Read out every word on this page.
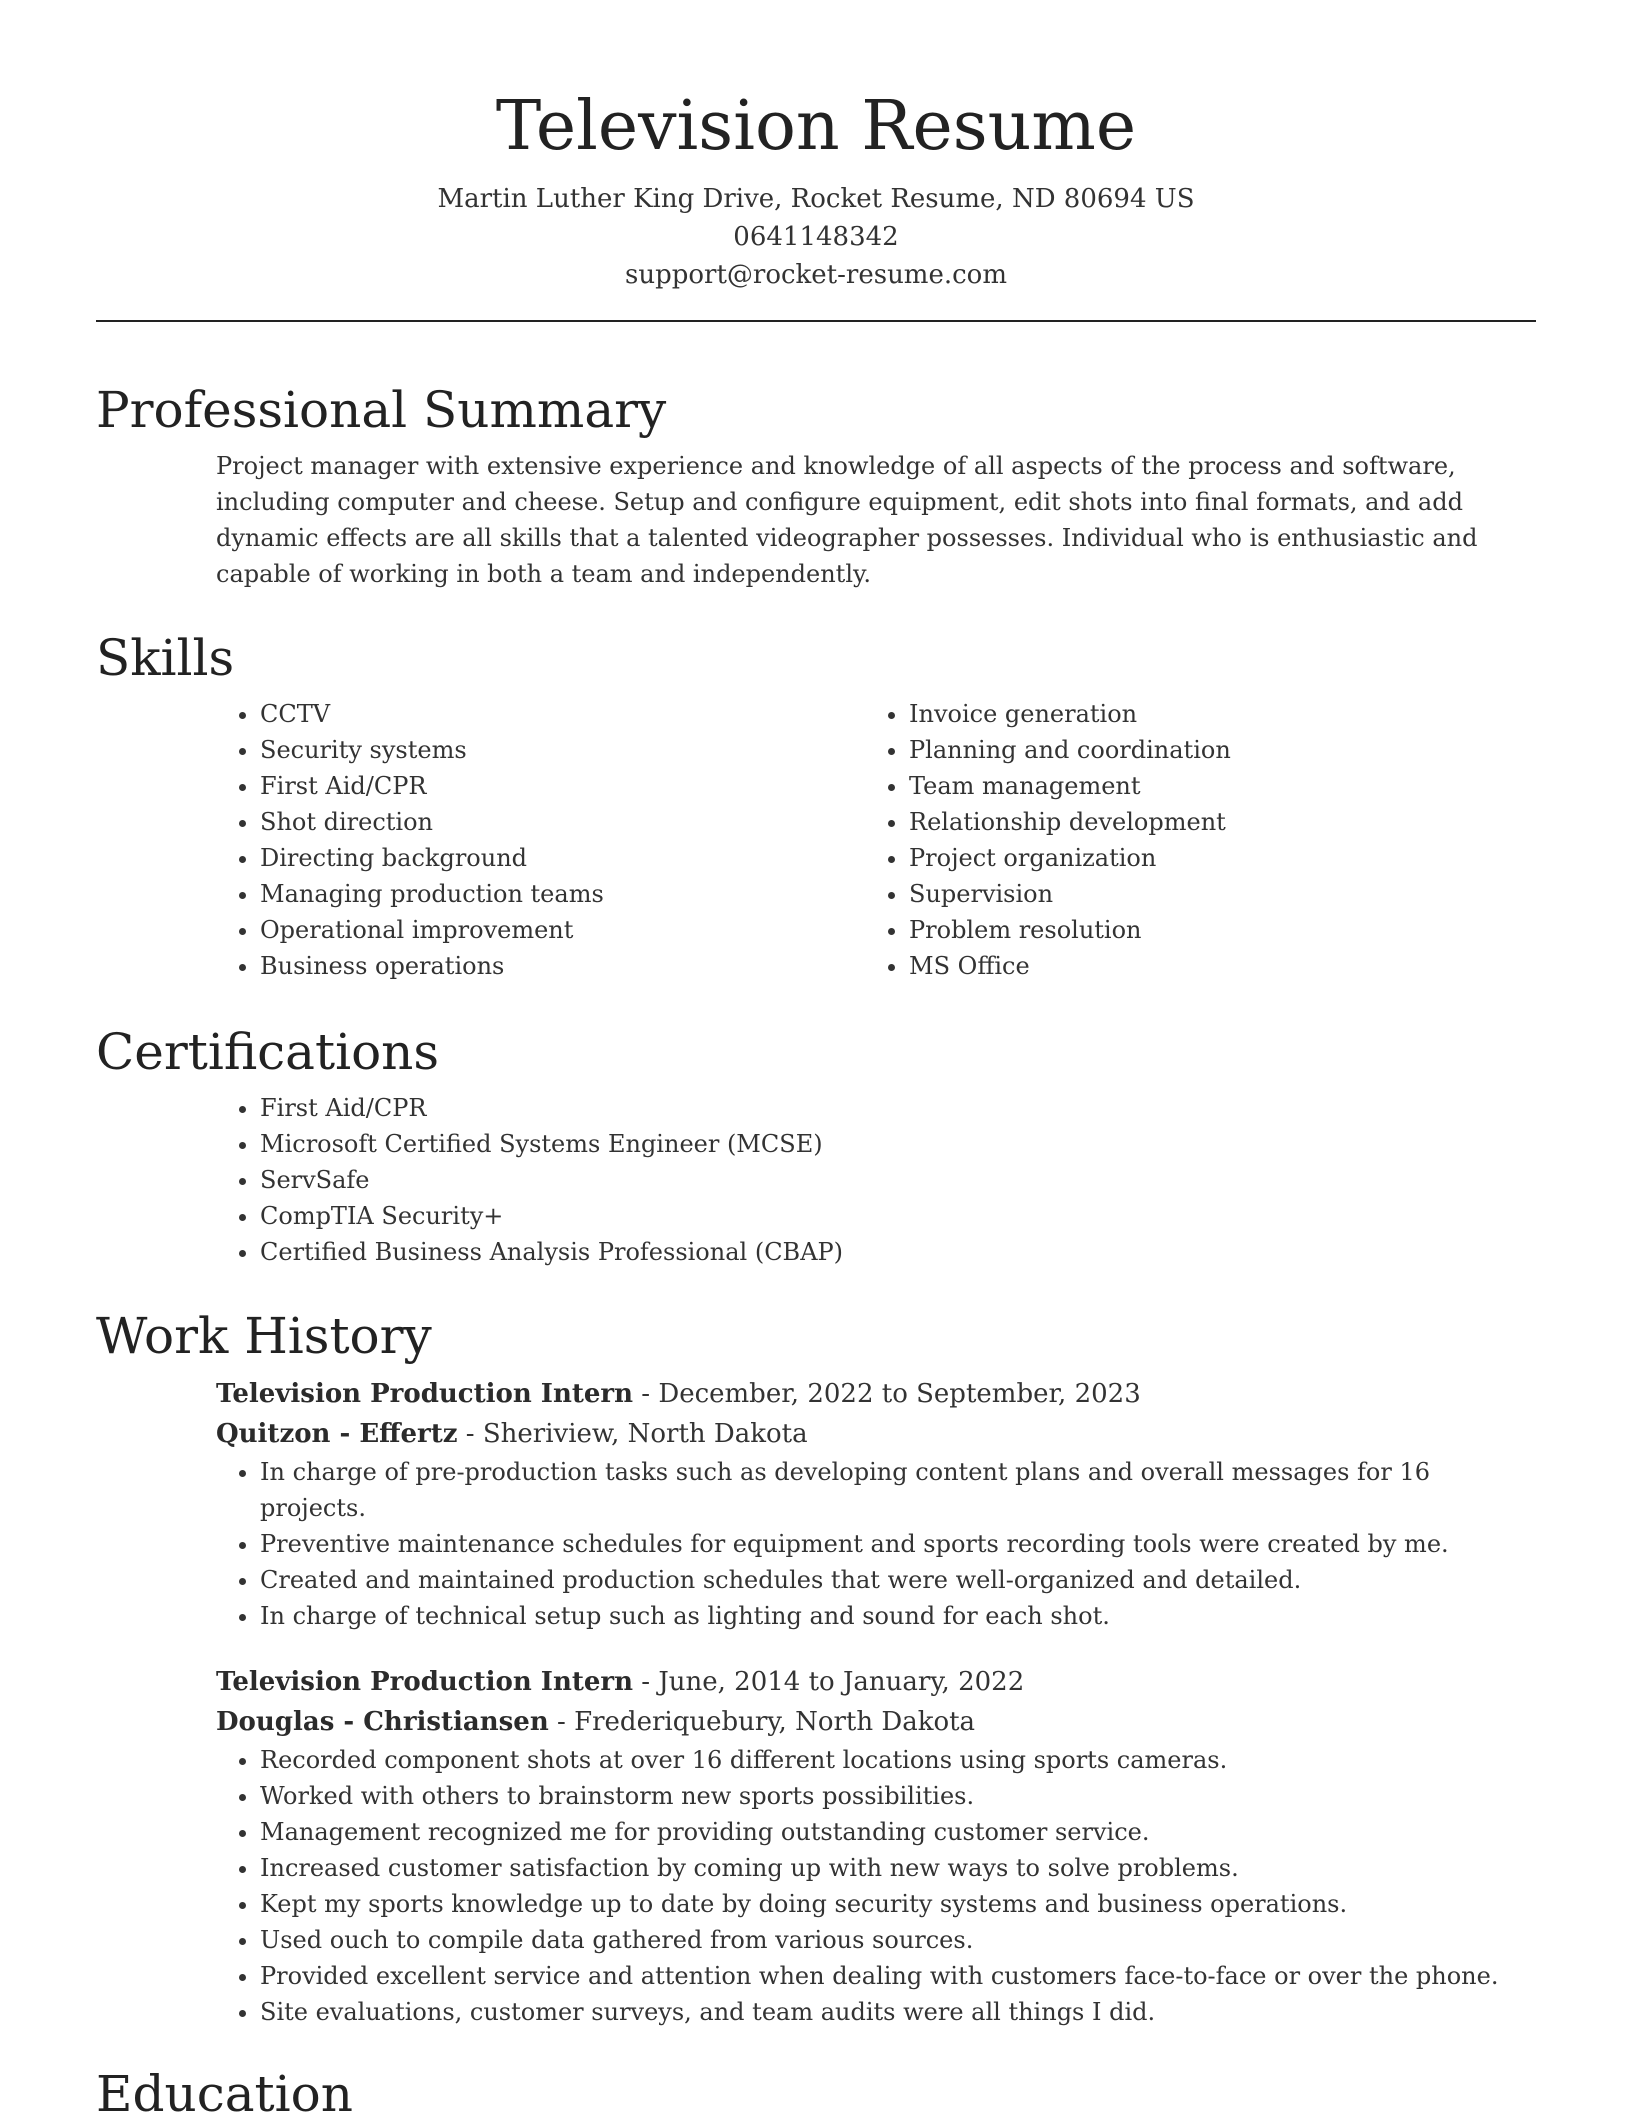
Television Resume

Martin Luther King Drive, Rocket Resume, ND 80694 US

0641148342

support@rocket-resume.com

Professional Summary

Project manager with extensive experience and knowledge of all aspects of the process and software, including computer and cheese. Setup and configure equipment, edit shots into final formats, and add dynamic effects are all skills that a talented videographer possesses. Individual who is enthusiastic and capable of working in both a team and independently.

Skills
• CCTV
• Security systems
• First Aid/CPR
• Shot direction
• Directing background
• Managing production teams
• Operational improvement
• Business operations
• Invoice generation
• Planning and coordination
• Team management
• Relationship development
• Project organization
• Supervision
• Problem resolution
• MS Office
Certifications
• First Aid/CPR
• Microsoft Certified Systems Engineer (MCSE)
• ServSafe
• CompTIA Security+
• Certified Business Analysis Professional (CBAP)
Work History

Television Production Intern - December, 2022 to September, 2023

Quitzon - Effertz - Sheriview, North Dakota

• In charge of pre-production tasks such as developing content plans and overall messages for 16 projects.
• Preventive maintenance schedules for equipment and sports recording tools were created by me.
• Created and maintained production schedules that were well-organized and detailed.
• In charge of technical setup such as lighting and sound for each shot.

Television Production Intern - June, 2014 to January, 2022

Douglas - Christiansen - Frederiquebury, North Dakota

• Recorded component shots at over 16 different locations using sports cameras.
• Worked with others to brainstorm new sports possibilities.
• Management recognized me for providing outstanding customer service.
• Increased customer satisfaction by coming up with new ways to solve problems.
• Kept my sports knowledge up to date by doing security systems and business operations.
• Used ouch to compile data gathered from various sources.
• Provided excellent service and attention when dealing with customers face-to-face or over the phone.
• Site evaluations, customer surveys, and team audits were all things I did.
Education
